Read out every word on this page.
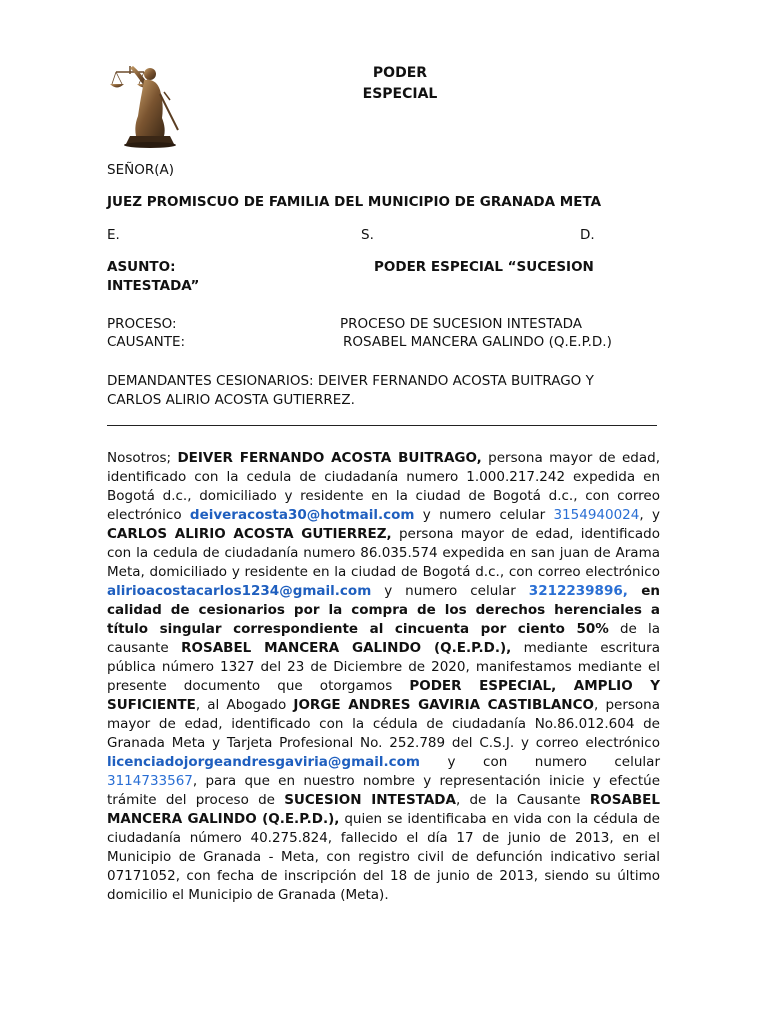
PODER
ESPECIAL
SEÑOR(A)
JUEZ PROMISCUO DE FAMILIA DEL MUNICIPIO DE GRANADA META
E.	S.	D.
ASUNTO:	PODER ESPECIAL “SUCESION
INTESTADA”
PROCESO:	PROCESO DE SUCESION INTESTADA
CAUSANTE:	ROSABEL MANCERA GALINDO (Q.E.P.D.)
DEMANDANTES CESIONARIOS: DEIVER FERNANDO ACOSTA BUITRAGO Y
CARLOS ALIRIO ACOSTA GUTIERREZ.
Nosotros; DEIVER FERNANDO ACOSTA BUITRAGO, persona mayor de edad, identificado con la cedula de ciudadanía numero 1.000.217.242 expedida en Bogotá d.c., domiciliado y residente en la ciudad de Bogotá d.c., con correo electrónico deiveracosta30@hotmail.com y numero celular 3154940024, y CARLOS ALIRIO ACOSTA GUTIERREZ, persona mayor de edad, identificado con la cedula de ciudadanía numero 86.035.574 expedida en san juan de Arama Meta, domiciliado y residente en la ciudad de Bogotá d.c., con correo electrónico alirioacostacarlos1234@gmail.com y numero celular 3212239896, en calidad de cesionarios por la compra de los derechos herenciales a título singular correspondiente al cincuenta por ciento 50% de la causante ROSABEL MANCERA GALINDO (Q.E.P.D.), mediante escritura pública número 1327 del 23 de Diciembre de 2020, manifestamos mediante el presente documento que otorgamos PODER ESPECIAL, AMPLIO Y SUFICIENTE, al Abogado JORGE ANDRES GAVIRIA CASTIBLANCO, persona mayor de edad, identificado con la cédula de ciudadanía No.86.012.604 de Granada Meta y Tarjeta Profesional No. 252.789 del C.S.J. y correo electrónico licenciadojorgeandresgaviria@gmail.com y con numero celular 3114733567, para que en nuestro nombre y representación inicie y efectúe trámite del proceso de SUCESION INTESTADA, de la Causante ROSABEL MANCERA GALINDO (Q.E.P.D.), quien se identificaba en vida con la cédula de ciudadanía número 40.275.824, fallecido el día 17 de junio de 2013, en el Municipio de Granada - Meta, con registro civil de defunción indicativo serial 07171052, con fecha de inscripción del 18 de junio de 2013, siendo su último domicilio el Municipio de Granada (Meta).
